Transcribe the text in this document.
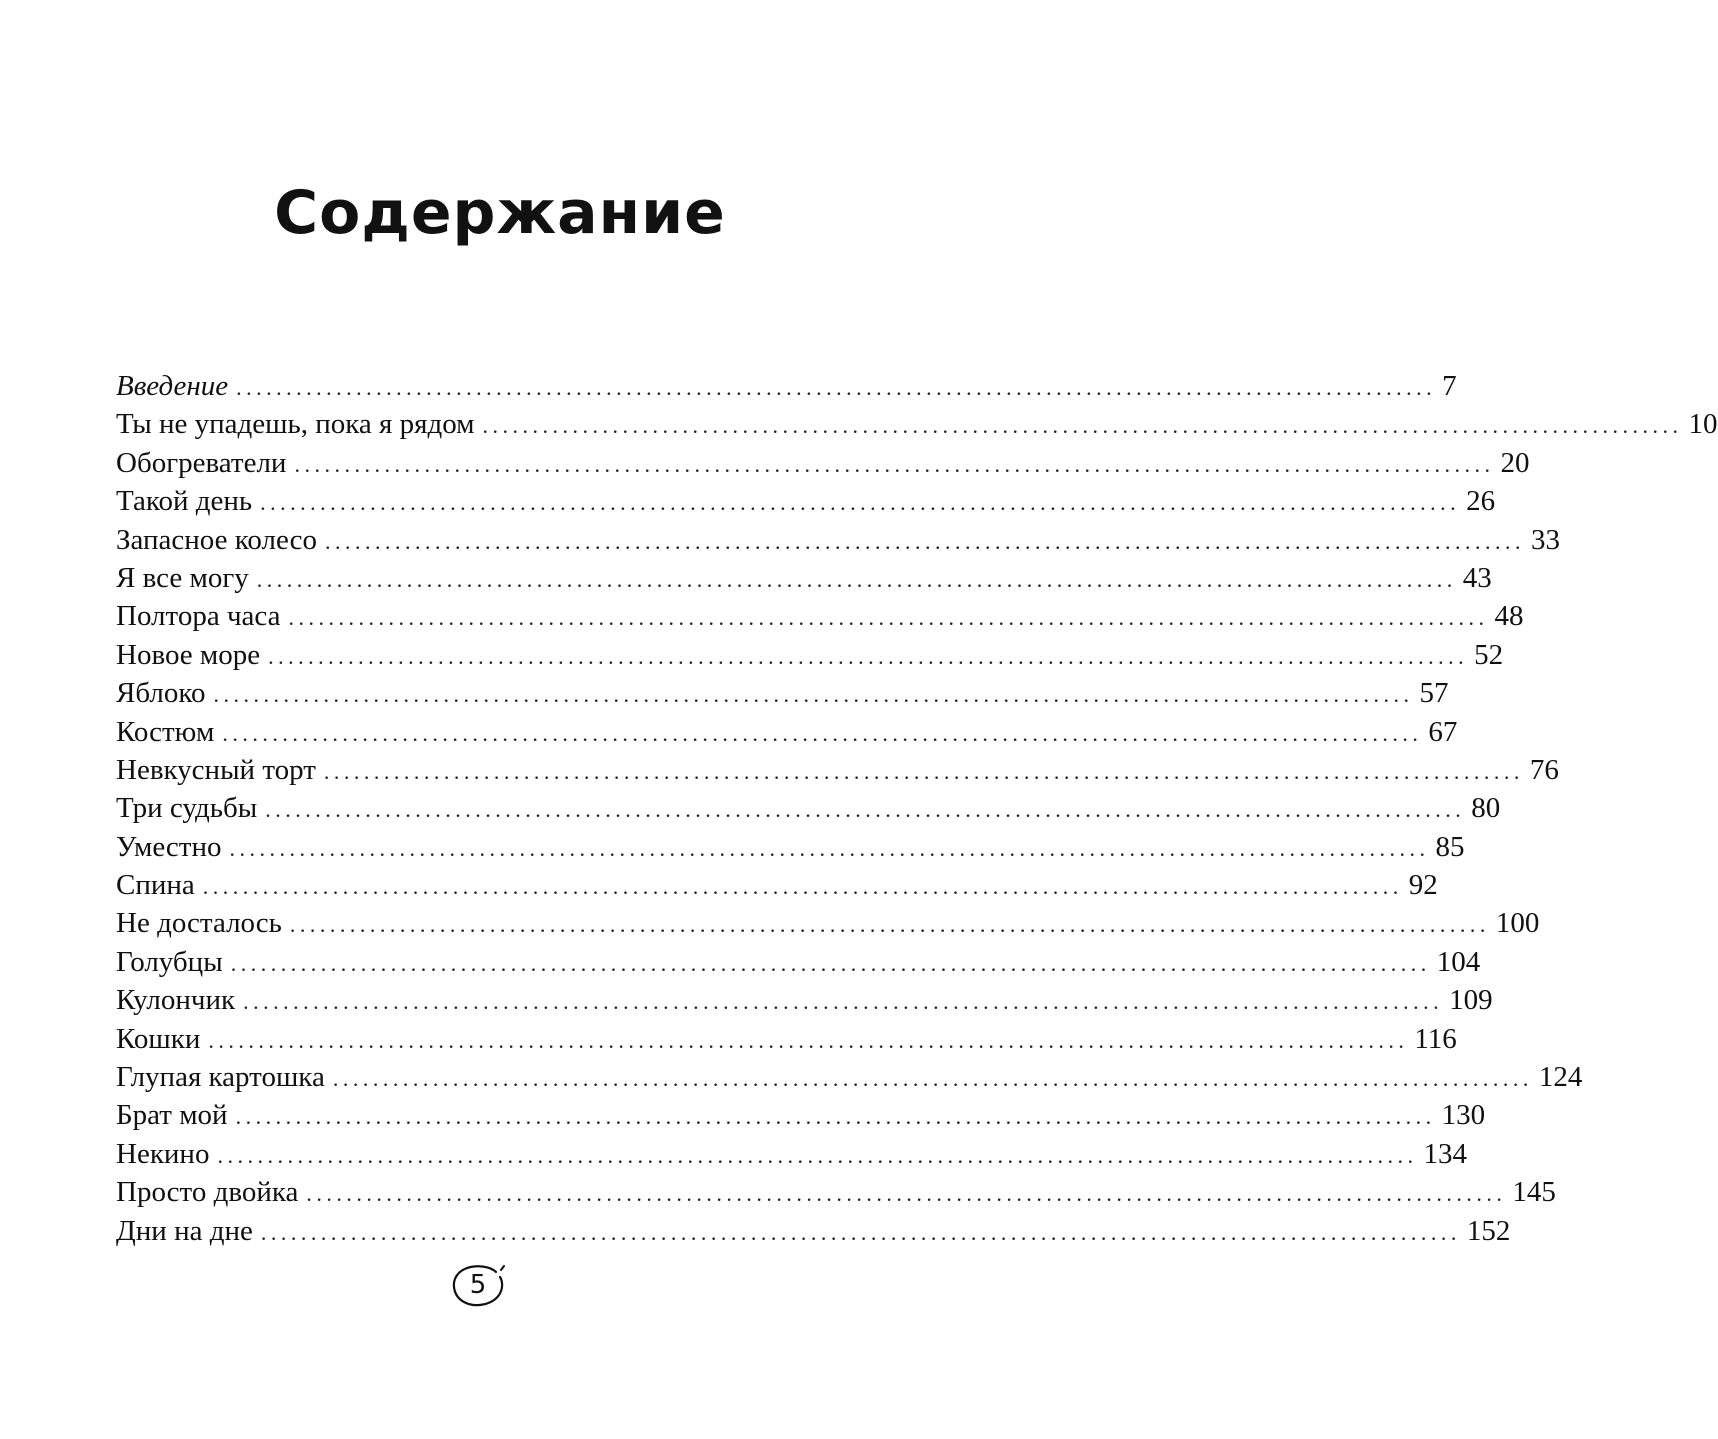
Содержание
Введение ........................................................................................................................ 7
Ты не упадешь, пока я рядом ........................................................................................................................ 10
Обогреватели ........................................................................................................................ 20
Такой день ........................................................................................................................ 26
Запасное колесо ........................................................................................................................ 33
Я все могу ........................................................................................................................ 43
Полтора часа ........................................................................................................................ 48
Новое море ........................................................................................................................ 52
Яблоко ........................................................................................................................ 57
Костюм ........................................................................................................................ 67
Невкусный торт ........................................................................................................................ 76
Три судьбы ........................................................................................................................ 80
Уместно ........................................................................................................................ 85
Спина ........................................................................................................................ 92
Не досталось ........................................................................................................................ 100
Голубцы ........................................................................................................................ 104
Кулончик ........................................................................................................................ 109
Кошки ........................................................................................................................ 116
Глупая картошка ........................................................................................................................ 124
Брат мой ........................................................................................................................ 130
Некино ........................................................................................................................ 134
Просто двойка ........................................................................................................................ 145
Дни на дне ........................................................................................................................ 152
5
